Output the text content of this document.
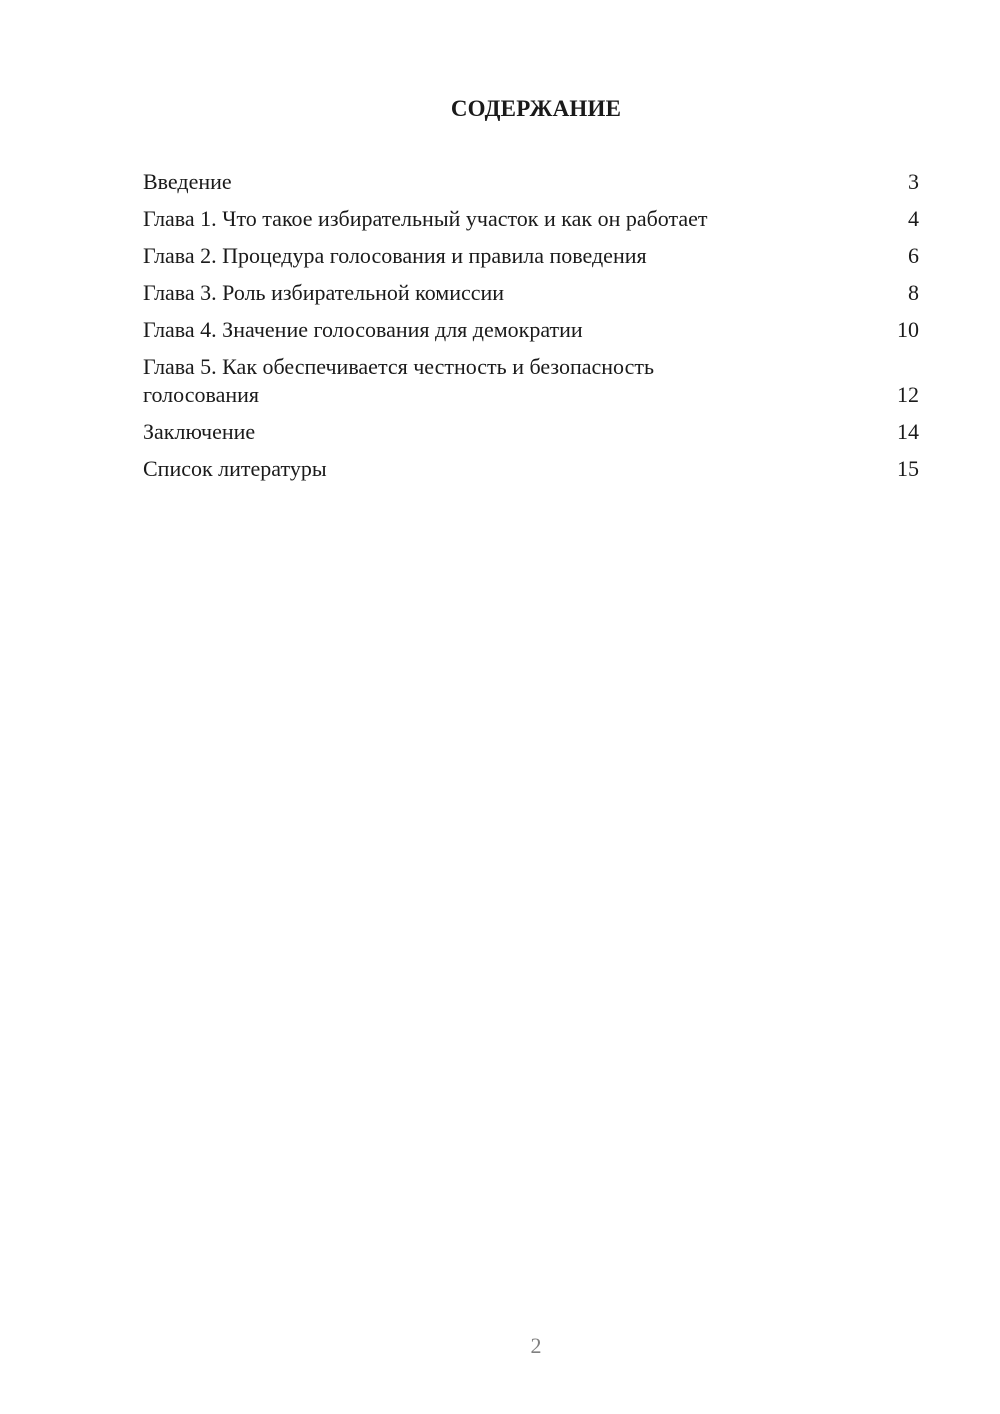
СОДЕРЖАНИЕ
Введение	3
Глава 1. Что такое избирательный участок и как он работает	4
Глава 2. Процедура голосования и правила поведения	6
Глава 3. Роль избирательной комиссии	8
Глава 4. Значение голосования для демократии	10
Глава 5. Как обеспечивается честность и безопасность голосования	12
Заключение	14
Список литературы	15
2
